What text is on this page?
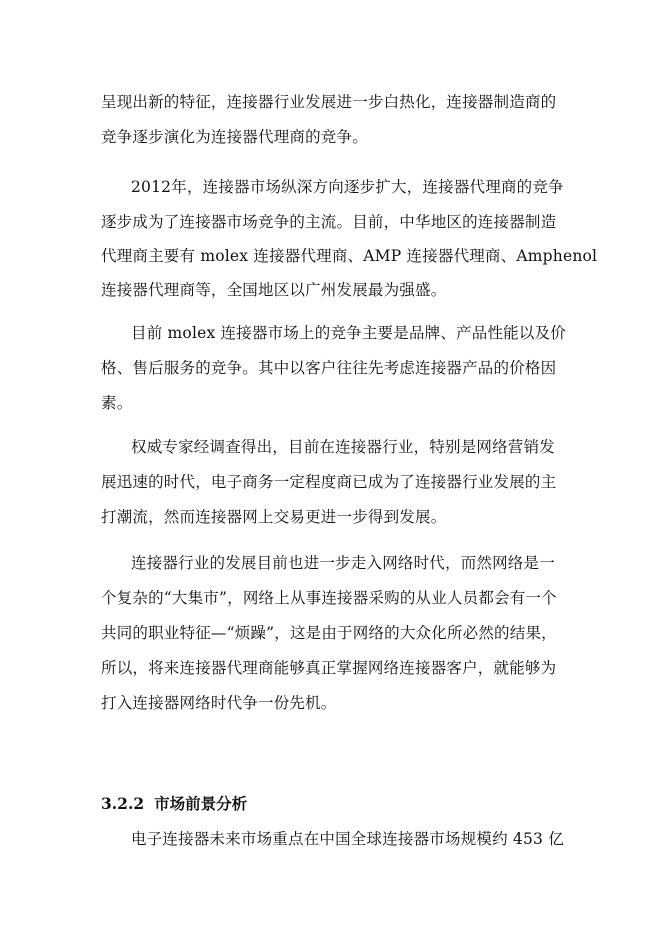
呈现出新的特征，连接器行业发展进一步白热化，连接器制造商的
竞争逐步演化为连接器代理商的竞争。
2012年，连接器市场纵深方向逐步扩大，连接器代理商的竞争
逐步成为了连接器市场竞争的主流。目前，中华地区的连接器制造
代理商主要有 molex 连接器代理商、AMP 连接器代理商、Amphenol
连接器代理商等，全国地区以广州发展最为强盛。
目前 molex 连接器市场上的竞争主要是品牌、产品性能以及价
格、售后服务的竞争。其中以客户往往先考虑连接器产品的价格因
素。
权威专家经调查得出，目前在连接器行业，特别是网络营销发
展迅速的时代，电子商务一定程度商已成为了连接器行业发展的主
打潮流，然而连接器网上交易更进一步得到发展。
连接器行业的发展目前也进一步走入网络时代，而然网络是一
个复杂的“大集市”，网络上从事连接器采购的从业人员都会有一个
共同的职业特征—“烦躁”，这是由于网络的大众化所必然的结果，
所以，将来连接器代理商能够真正掌握网络连接器客户，就能够为
打入连接器网络时代争一份先机。
3.2.2 市场前景分析
电子连接器未来市场重点在中国全球连接器市场规模约 453 亿
